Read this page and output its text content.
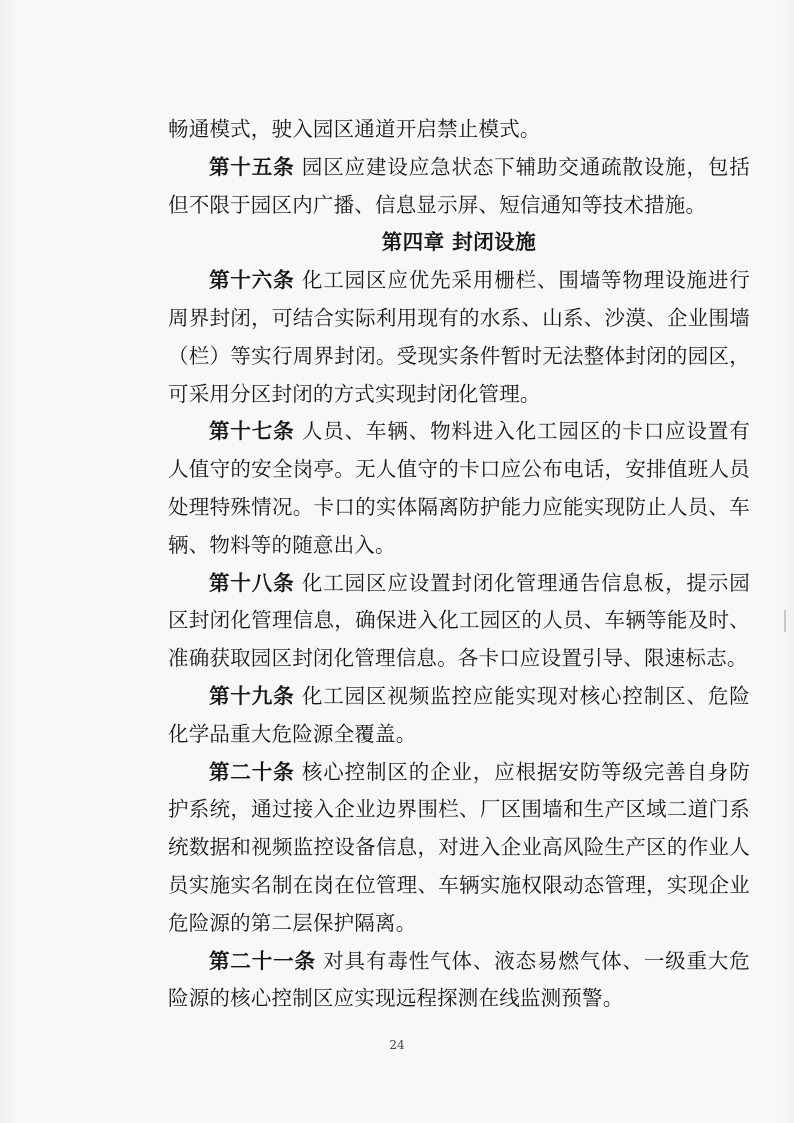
畅通模式，驶入园区通道开启禁止模式。

第十五条 园区应建设应急状态下辅助交通疏散设施，包括但不限于园区内广播、信息显示屏、短信通知等技术措施。

第四章 封闭设施

第十六条 化工园区应优先采用栅栏、围墙等物理设施进行周界封闭，可结合实际利用现有的水系、山系、沙漠、企业围墙（栏）等实行周界封闭。受现实条件暂时无法整体封闭的园区，可采用分区封闭的方式实现封闭化管理。

第十七条 人员、车辆、物料进入化工园区的卡口应设置有人值守的安全岗亭。无人值守的卡口应公布电话，安排值班人员处理特殊情况。卡口的实体隔离防护能力应能实现防止人员、车辆、物料等的随意出入。

第十八条 化工园区应设置封闭化管理通告信息板，提示园区封闭化管理信息，确保进入化工园区的人员、车辆等能及时、准确获取园区封闭化管理信息。各卡口应设置引导、限速标志。

第十九条 化工园区视频监控应能实现对核心控制区、危险化学品重大危险源全覆盖。

第二十条 核心控制区的企业，应根据安防等级完善自身防护系统，通过接入企业边界围栏、厂区围墙和生产区域二道门系统数据和视频监控设备信息，对进入企业高风险生产区的作业人员实施实名制在岗在位管理、车辆实施权限动态管理，实现企业危险源的第二层保护隔离。

第二十一条 对具有毒性气体、液态易燃气体、一级重大危险源的核心控制区应实现远程探测在线监测预警。

24
